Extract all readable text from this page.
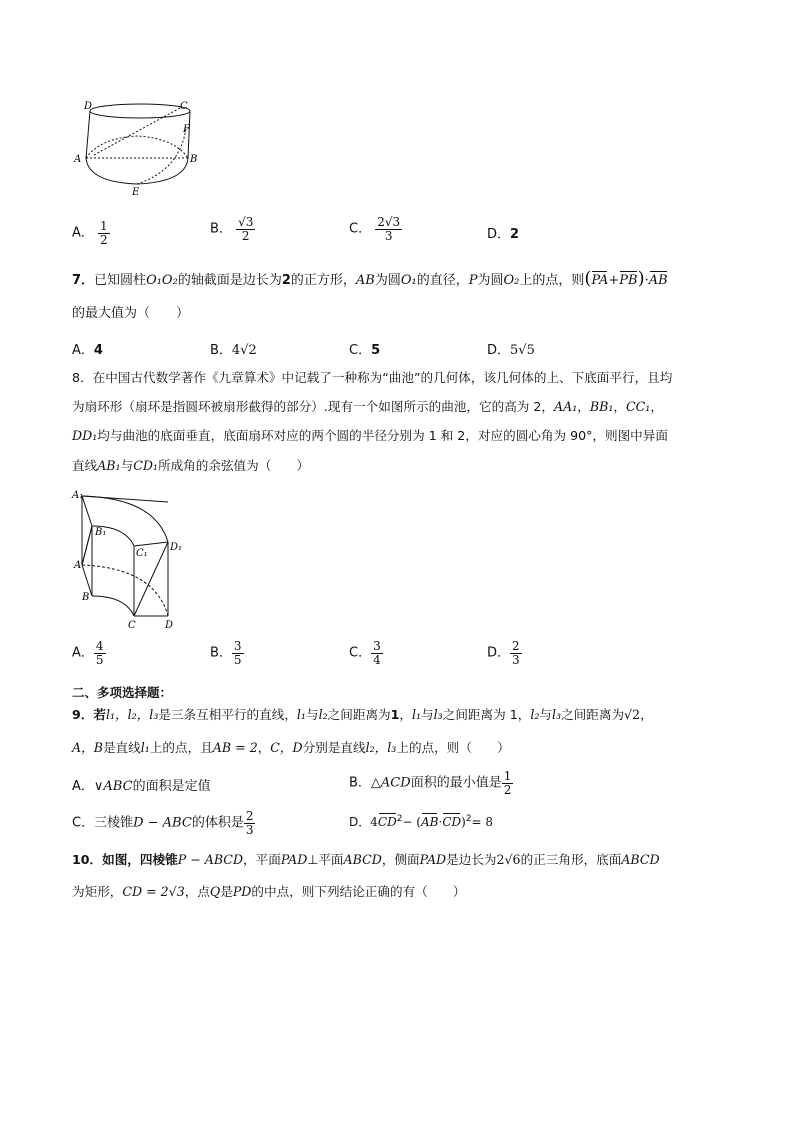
D	C
F
A	B
E
A． $\frac{1}{2}$	B． $\frac{√3}{2}$	C． $\frac{2√3}{3}$	D．2
7．已知圆柱O₁O₂的轴截面是边长为2的正方形，AB为圆O₁的直径，P为圆O₂上的点，则(PA+PB)·AB
的最大值为（　　）
A．4	B．4√2	C．5	D．5√5
8．在中国古代数学著作《九章算术》中记载了一种称为“曲池”的几何体，该几何体的上、下底面平行，且均
为扇环形（扇环是指圆环被扇形截得的部分）.现有一个如图所示的曲池，它的高为 2，AA₁，BB₁，CC₁，
DD₁均与曲池的底面垂直，底面扇环对应的两个圆的半径分别为 1 和 2，对应的圆心角为 90°，则图中异面
直线AB₁与CD₁所成角的余弦值为（　　）
A₁
B₁
C₁
D₁
A
B
C	D
A． $\frac{4}{5}$	B． $\frac{3}{5}$	C． $\frac{3}{4}$	D． $\frac{2}{3}$
二、多项选择题：
9．若l₁，l₂，l₃是三条互相平行的直线，l₁与l₂之间距离为1，l₁与l₃之间距离为 1，l₂与l₃之间距离为√2，
A，B是直线l₁上的点，且AB = 2，C，D分别是直线l₂，l₃上的点，则（　　）
A．∨ABC的面积是定值	B．△ACD面积的最小值是 $\frac{1}{2}$
C．三棱锥D − ABC的体积是 $\frac{2}{3}$	D．$4CD^2- (AB\cdot CD)^2= 8$
10．如图，四棱锥P − ABCD，平面PAD⊥平面ABCD，侧面PAD是边长为2√6的正三角形，底面ABCD
为矩形，CD = 2√3，点Q是PD的中点，则下列结论正确的有（　　）
